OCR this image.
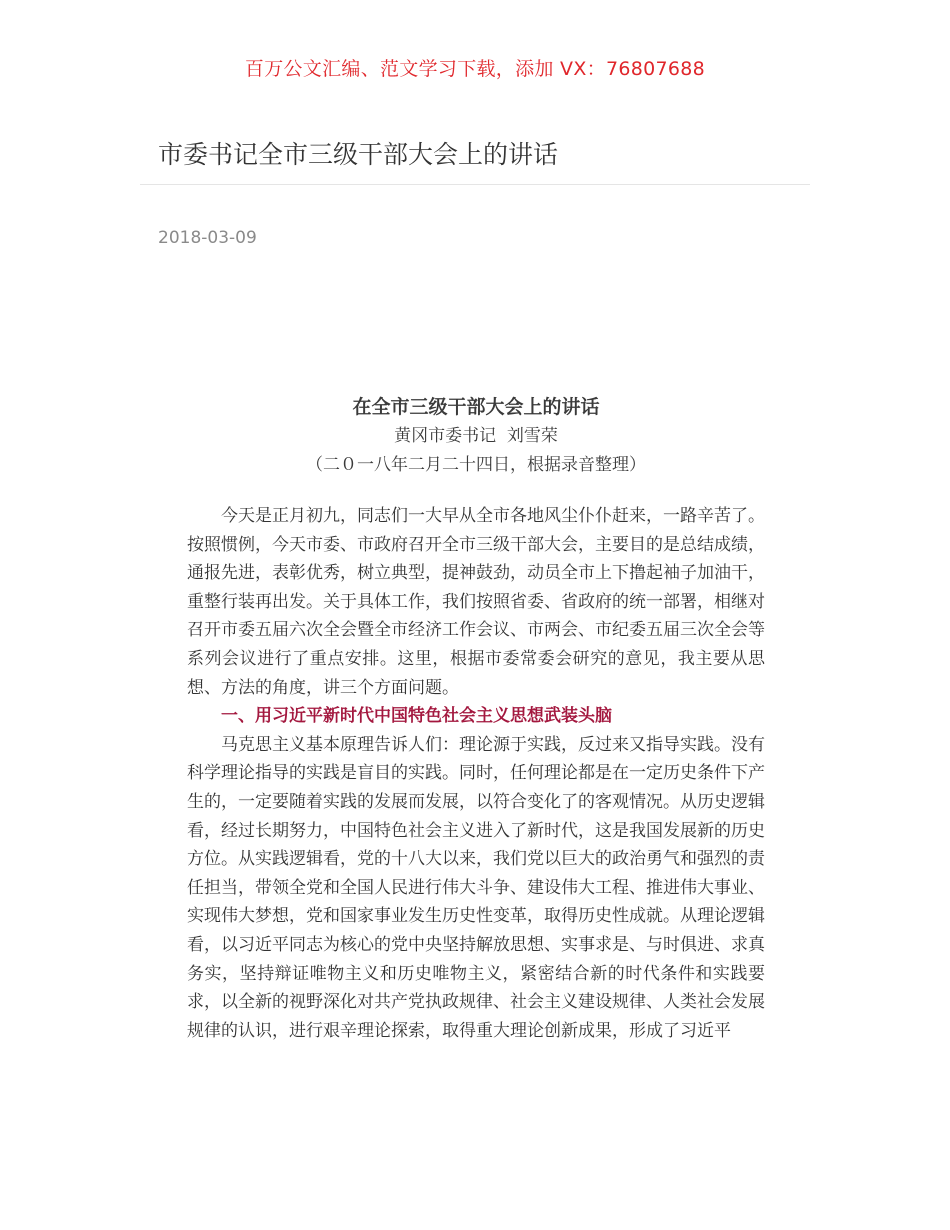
百万公文汇编、范文学习下载，添加 VX：76807688
市委书记全市三级干部大会上的讲话
2018-03-09
在全市三级干部大会上的讲话
黄冈市委书记  刘雪荣
（二０一八年二月二十四日，根据录音整理）

今天是正月初九，同志们一大早从全市各地风尘仆仆赶来，一路辛苦了。按照惯例，今天市委、市政府召开全市三级干部大会，主要目的是总结成绩，通报先进，表彰优秀，树立典型，提神鼓劲，动员全市上下撸起袖子加油干，重整行装再出发。关于具体工作，我们按照省委、省政府的统一部署，相继对召开市委五届六次全会暨全市经济工作会议、市两会、市纪委五届三次全会等系列会议进行了重点安排。这里，根据市委常委会研究的意见，我主要从思想、方法的角度，讲三个方面问题。

一、用习近平新时代中国特色社会主义思想武装头脑

马克思主义基本原理告诉人们：理论源于实践，反过来又指导实践。没有科学理论指导的实践是盲目的实践。同时，任何理论都是在一定历史条件下产生的，一定要随着实践的发展而发展，以符合变化了的客观情况。从历史逻辑看，经过长期努力，中国特色社会主义进入了新时代，这是我国发展新的历史方位。从实践逻辑看，党的十八大以来，我们党以巨大的政治勇气和强烈的责任担当，带领全党和全国人民进行伟大斗争、建设伟大工程、推进伟大事业、实现伟大梦想，党和国家事业发生历史性变革，取得历史性成就。从理论逻辑看，以习近平同志为核心的党中央坚持解放思想、实事求是、与时俱进、求真务实，坚持辩证唯物主义和历史唯物主义，紧密结合新的时代条件和实践要求，以全新的视野深化对共产党执政规律、社会主义建设规律、人类社会发展规律的认识，进行艰辛理论探索，取得重大理论创新成果，形成了习近平
